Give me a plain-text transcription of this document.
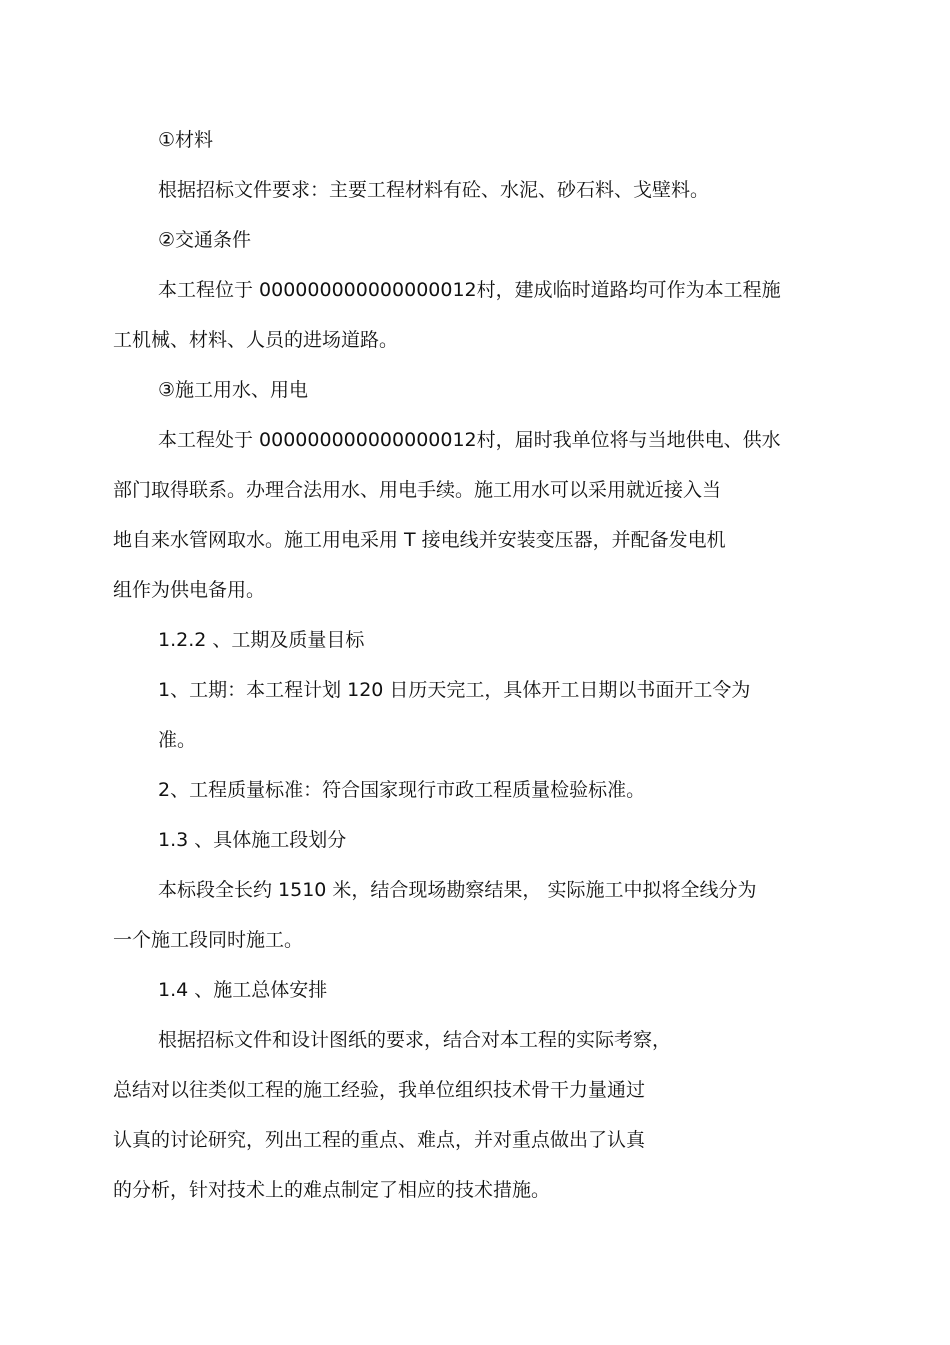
①材料
根据招标文件要求：主要工程材料有砼、水泥、砂石料、戈壁料。
②交通条件
本工程位于 000000000000000012村，建成临时道路均可作为本工程施
工机械、材料、人员的进场道路。
③施工用水、用电
本工程处于 000000000000000012村，届时我单位将与当地供电、供水
部门取得联系。办理合法用水、用电手续。施工用水可以采用就近接入当
地自来水管网取水。施工用电采用 T 接电线并安装变压器，并配备发电机
组作为供电备用。
1.2.2 、工期及质量目标
1、工期：本工程计划 120 日历天完工，具体开工日期以书面开工令为
准。
2、工程质量标准：符合国家现行市政工程质量检验标准。
1.3 、具体施工段划分
本标段全长约 1510 米，结合现场勘察结果， 实际施工中拟将全线分为
一个施工段同时施工。
1.4 、施工总体安排
根据招标文件和设计图纸的要求，结合对本工程的实际考察，
总结对以往类似工程的施工经验，我单位组织技术骨干力量通过
认真的讨论研究，列出工程的重点、难点，并对重点做出了认真
的分析，针对技术上的难点制定了相应的技术措施。
